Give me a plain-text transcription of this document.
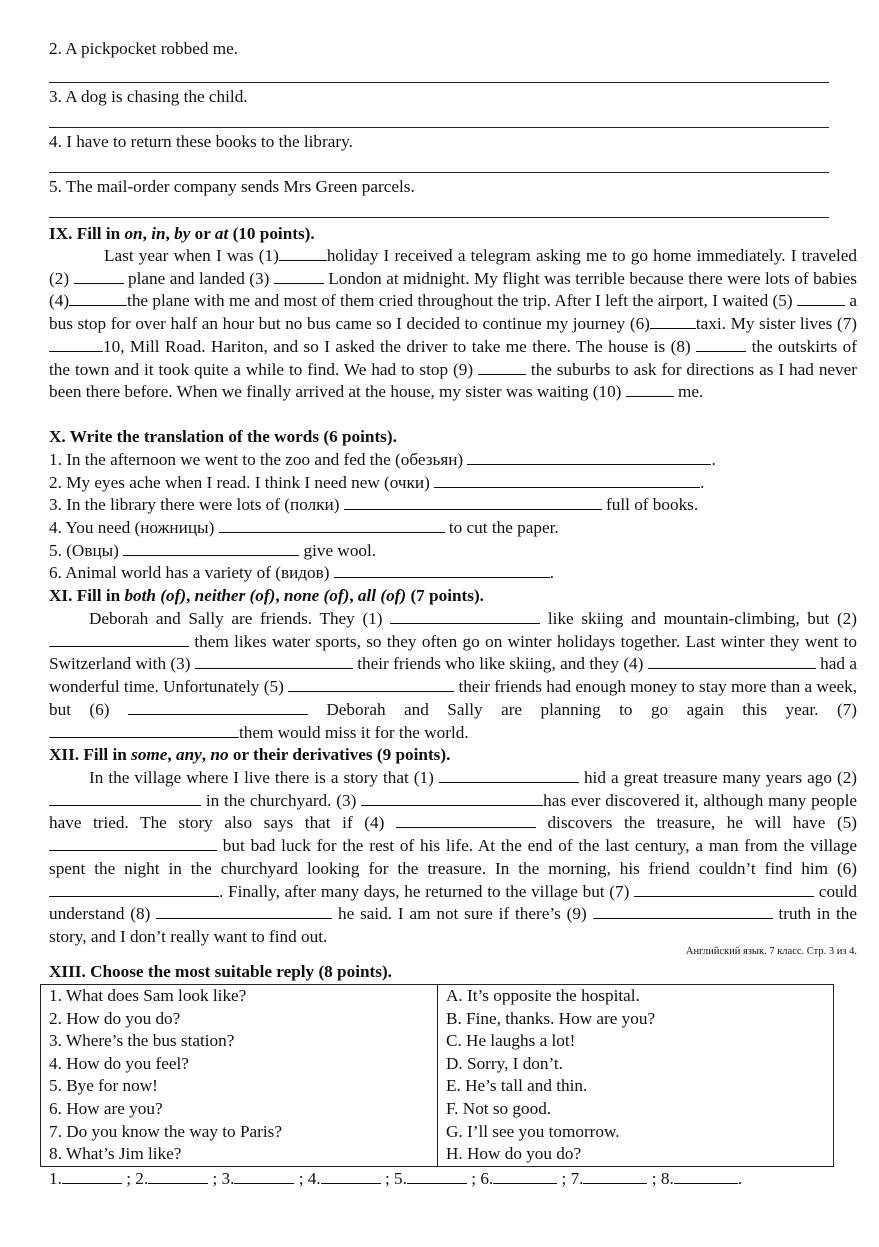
2. A pickpocket robbed me.
3. A dog is chasing the child.
4. I have to return these books to the library.
5. The mail-order company sends Mrs Green parcels.
IX. Fill in on, in, by or at (10 points).
Last year when I was (1)	holiday I received a telegram asking me to go home immediately. I traveled (2)	plane and landed (3)	London at midnight. My flight was terrible because there were lots of babies (4)	the plane with me and most of them cried throughout the trip. After I left the airport, I waited (5)	a bus stop for over half an hour but no bus came so I decided to continue my journey (6)	taxi. My sister lives (7) 10, Mill Road. Hariton, and so I asked the driver to take me there. The house is (8)	the outskirts of the town and it took quite a while to find. We had to stop (9)	the suburbs to ask for directions as I had never been there before. When we finally arrived at the house, my sister was waiting (10)	me.
X. Write the translation of the words (6 points).
1. In the afternoon we went to the zoo and fed the (обезьян)	.
2. My eyes ache when I read. I think I need new (очки)	.
3. In the library there were lots of (полки)	full of books.
4. You need (ножницы)	to cut the paper.
5. (Овцы)	give wool.
6. Animal world has a variety of (видов)	.
XI. Fill in both (of), neither (of), none (of), all (of) (7 points).
Deborah and Sally are friends. They (1)	like skiing and mountain-climbing, but (2)  them likes water sports, so they often go on winter holidays together. Last winter they went to Switzerland with (3)	their friends who like skiing, and they (4)	had a wonderful time. Unfortunately (5)	their friends had enough money to stay more than a week, but (6)	Deborah and Sally are planning to go again this year. (7) them would miss it for the world.
XII. Fill in some, any, no or their derivatives (9 points).
In the village where I live there is a story that (1)	hid a great treasure many years ago (2)  in the churchyard. (3)	has ever discovered it, although many people have tried. The story also says that if (4)	discovers the treasure, he will have (5)  but bad luck for the rest of his life. At the end of the last century, a man from the village spent the night in the churchyard looking for the treasure. In the morning, his friend couldn’t find him (6) . Finally, after many days, he returned to the village but (7)	could understand (8)	he said. I am not sure if there’s (9)	truth in the story, and I don’t really want to find out.
Английский язык. 7 класс. Стр. 3 из 4.
XIII. Choose the most suitable reply (8 points).
1. What does Sam look like?	A. It’s opposite the hospital.
2. How do you do?	B. Fine, thanks. How are you?
3. Where’s the bus station?	C. He laughs a lot!
4. How do you feel?	D. Sorry, I don’t.
5. Bye for now!	E. He’s tall and thin.
6. How are you?	F. Not so good.
7. Do you know the way to Paris?	G. I’ll see you tomorrow.
8. What’s Jim like?	H. How do you do?
1.	; 2.	; 3.	; 4.	; 5.	; 6.	; 7.	; 8.	.
